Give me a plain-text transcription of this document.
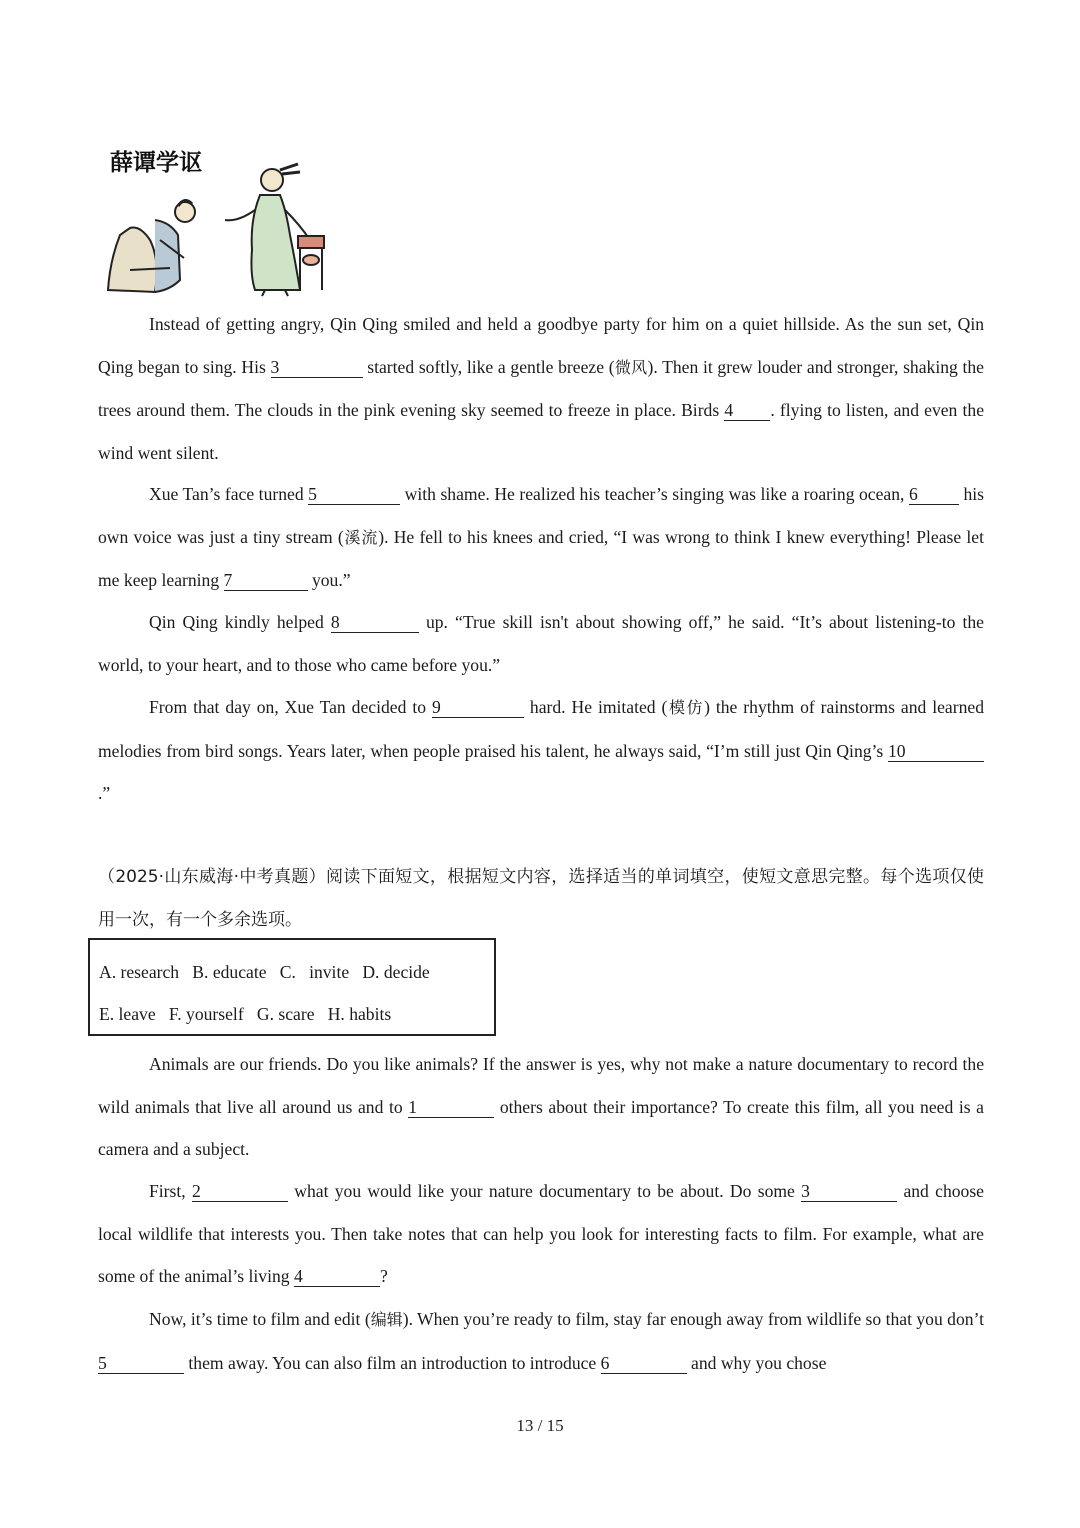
薛谭学讴

Instead of getting angry, Qin Qing smiled and held a goodbye party for him on a quiet hillside. As the sun set, Qin Qing began to sing. His 3	started softly, like a gentle breeze (微风). Then it grew louder and stronger, shaking the trees around them. The clouds in the pink evening sky seemed to freeze in place. Birds 4 . flying to listen, and even the wind went silent.

Xue Tan’s face turned 5	with shame. He realized his teacher’s singing was like a roaring ocean, 6 his own voice was just a tiny stream (溪流). He fell to his knees and cried, “I was wrong to think I knew everything! Please let me keep learning 7	you.”

Qin Qing kindly helped 8	up. “True skill isn't about showing off,” he said. “It’s about listening-to the world, to your heart, and to those who came before you.”

From that day on, Xue Tan decided to 9	hard. He imitated (模仿) the rhythm of rainstorms and learned melodies from bird songs. Years later, when people praised his talent, he always said, “I’m still just Qin Qing’s 10.”

（2025·山东威海·中考真题）阅读下面短文，根据短文内容，选择适当的单词填空，使短文意思完整。每个选项仅使用一次，有一个多余选项。

A. research   B. educate   C.   invite   D. decide
E. leave   F. yourself   G. scare   H. habits

Animals are our friends. Do you like animals? If the answer is yes, why not make a nature documentary to record the wild animals that live all around us and to 1	others about their importance? To create this film, all you need is a camera and a subject.

First, 2	what you would like your nature documentary to be about. Do some 3	and choose local wildlife that interests you. Then take notes that can help you look for interesting facts to film. For example, what are some of the animal’s living 4	?

Now, it’s time to film and edit (编辑). When you’re ready to film, stay far enough away from wildlife so that you don’t 5	them away. You can also film an introduction to introduce 6	and why you chose

13 / 15
